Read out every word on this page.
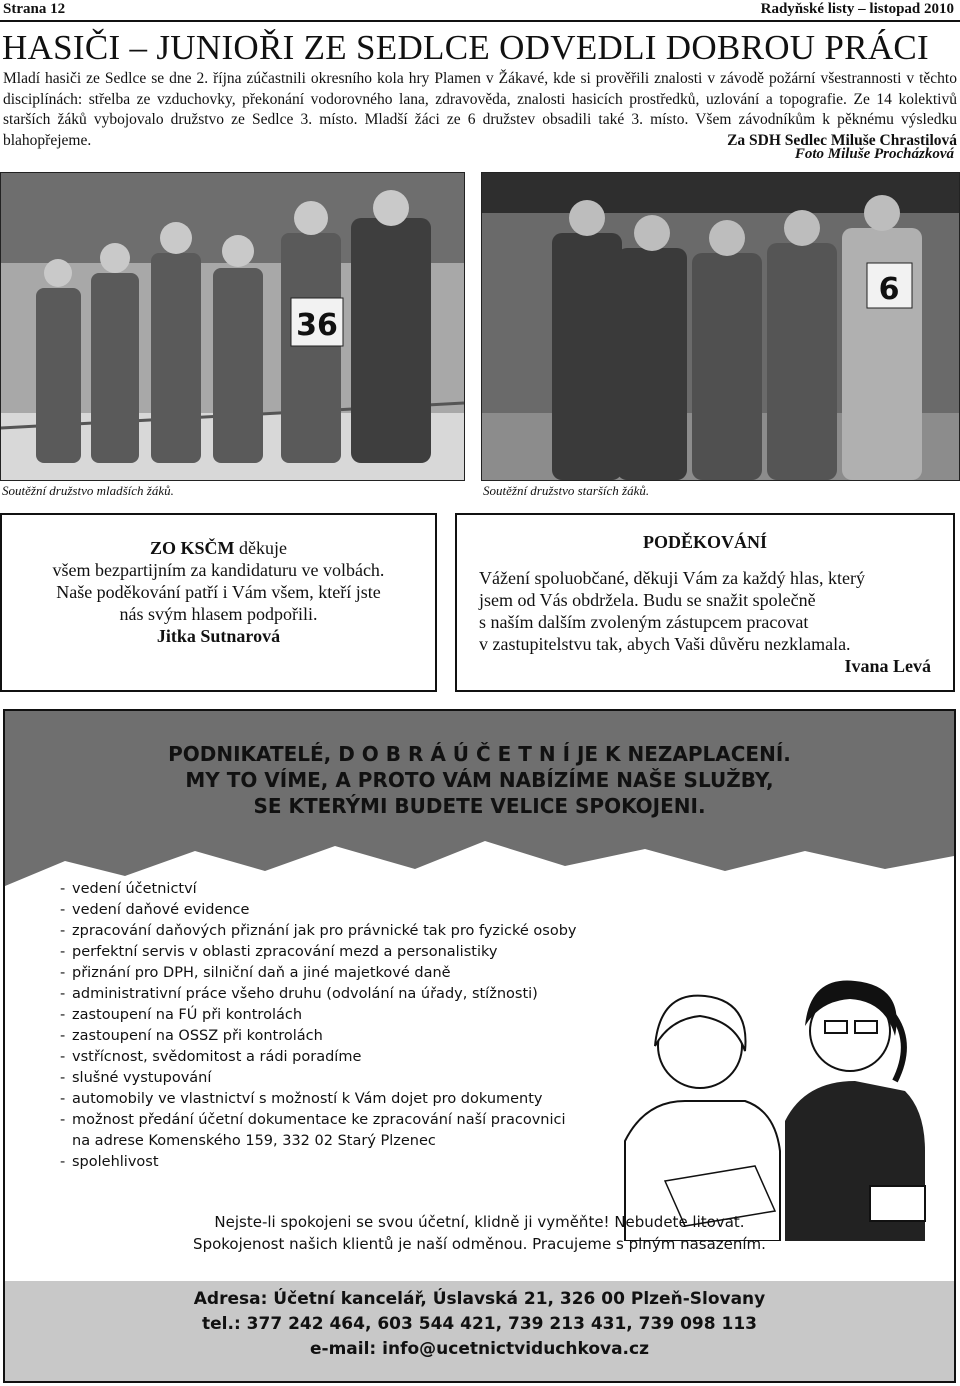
Strana 12	Radyňské listy – listopad 2010
HASIČI – JUNIOŘI ZE SEDLCE ODVEDLI DOBROU PRÁCI
Mladí hasiči ze Sedlce se dne 2. října zúčastnili okresního kola hry Plamen v Žákavé, kde si prověřili znalosti v závodě požární všestrannosti v těchto disciplínách: střelba ze vzduchovky, překonání vodorovného lana, zdravověda, znalosti hasicích prostředků, uzlování a topografie. Ze 14 kolektivů starších žáků vybojovalo družstvo ze Sedlce 3. místo. Mladší žáci ze 6 družstev obsadili také 3. místo. Všem závodníkům k pěknému výsledku blahopřejeme.	Za SDH Sedlec Miluše Chrastilová
Foto Miluše Procházková
36
6
Soutěžní družstvo mladších žáků.	Soutěžní družstvo starších žáků.
ZO KSČM děkuje
všem bezpartijním za kandidaturu ve volbách.
Naše poděkování patří i Vám všem, kteří jste
nás svým hlasem podpořili.
Jitka Sutnarová
PODĚKOVÁNÍ
Vážení spoluobčané, děkuji Vám za každý hlas, který
jsem od Vás obdržela. Budu se snažit společně
s naším dalším zvoleným zástupcem pracovat
v zastupitelstvu tak, abych Vaši důvěru nezklamala.
Ivana Levá
PODNIKATELÉ, D O B R Á Ú Č E T N Í JE K NEZAPLACENÍ.
MY TO VÍME, A PROTO VÁM NABÍZÍME NAŠE SLUŽBY,
SE KTERÝMI BUDETE VELICE SPOKOJENI.
- vedení účetnictví
- vedení daňové evidence
- zpracování daňových přiznání jak pro právnické tak pro fyzické osoby
- perfektní servis v oblasti zpracování mezd a personalistiky
- přiznání pro DPH, silniční daň a jiné majetkové daně
- administrativní práce všeho druhu (odvolání na úřady, stížnosti)
- zastoupení na FÚ při kontrolách
- zastoupení na OSSZ při kontrolách
- vstřícnost, svědomitost a rádi poradíme
- slušné vystupování
- automobily ve vlastnictví s možností k Vám dojet pro dokumenty
- možnost předání účetní dokumentace ke zpracování naší pracovnici
na adrese Komenského 159, 332 02 Starý Plzenec
- spolehlivost
Nejste-li spokojeni se svou účetní, klidně ji vyměňte! Nebudete litovat.
Spokojenost našich klientů je naší odměnou. Pracujeme s plným nasazením.
Adresa: Účetní kancelář, Úslavská 21, 326 00 Plzeň-Slovany
tel.: 377 242 464, 603 544 421, 739 213 431, 739 098 113
e-mail: info@ucetnictviduchkova.cz
